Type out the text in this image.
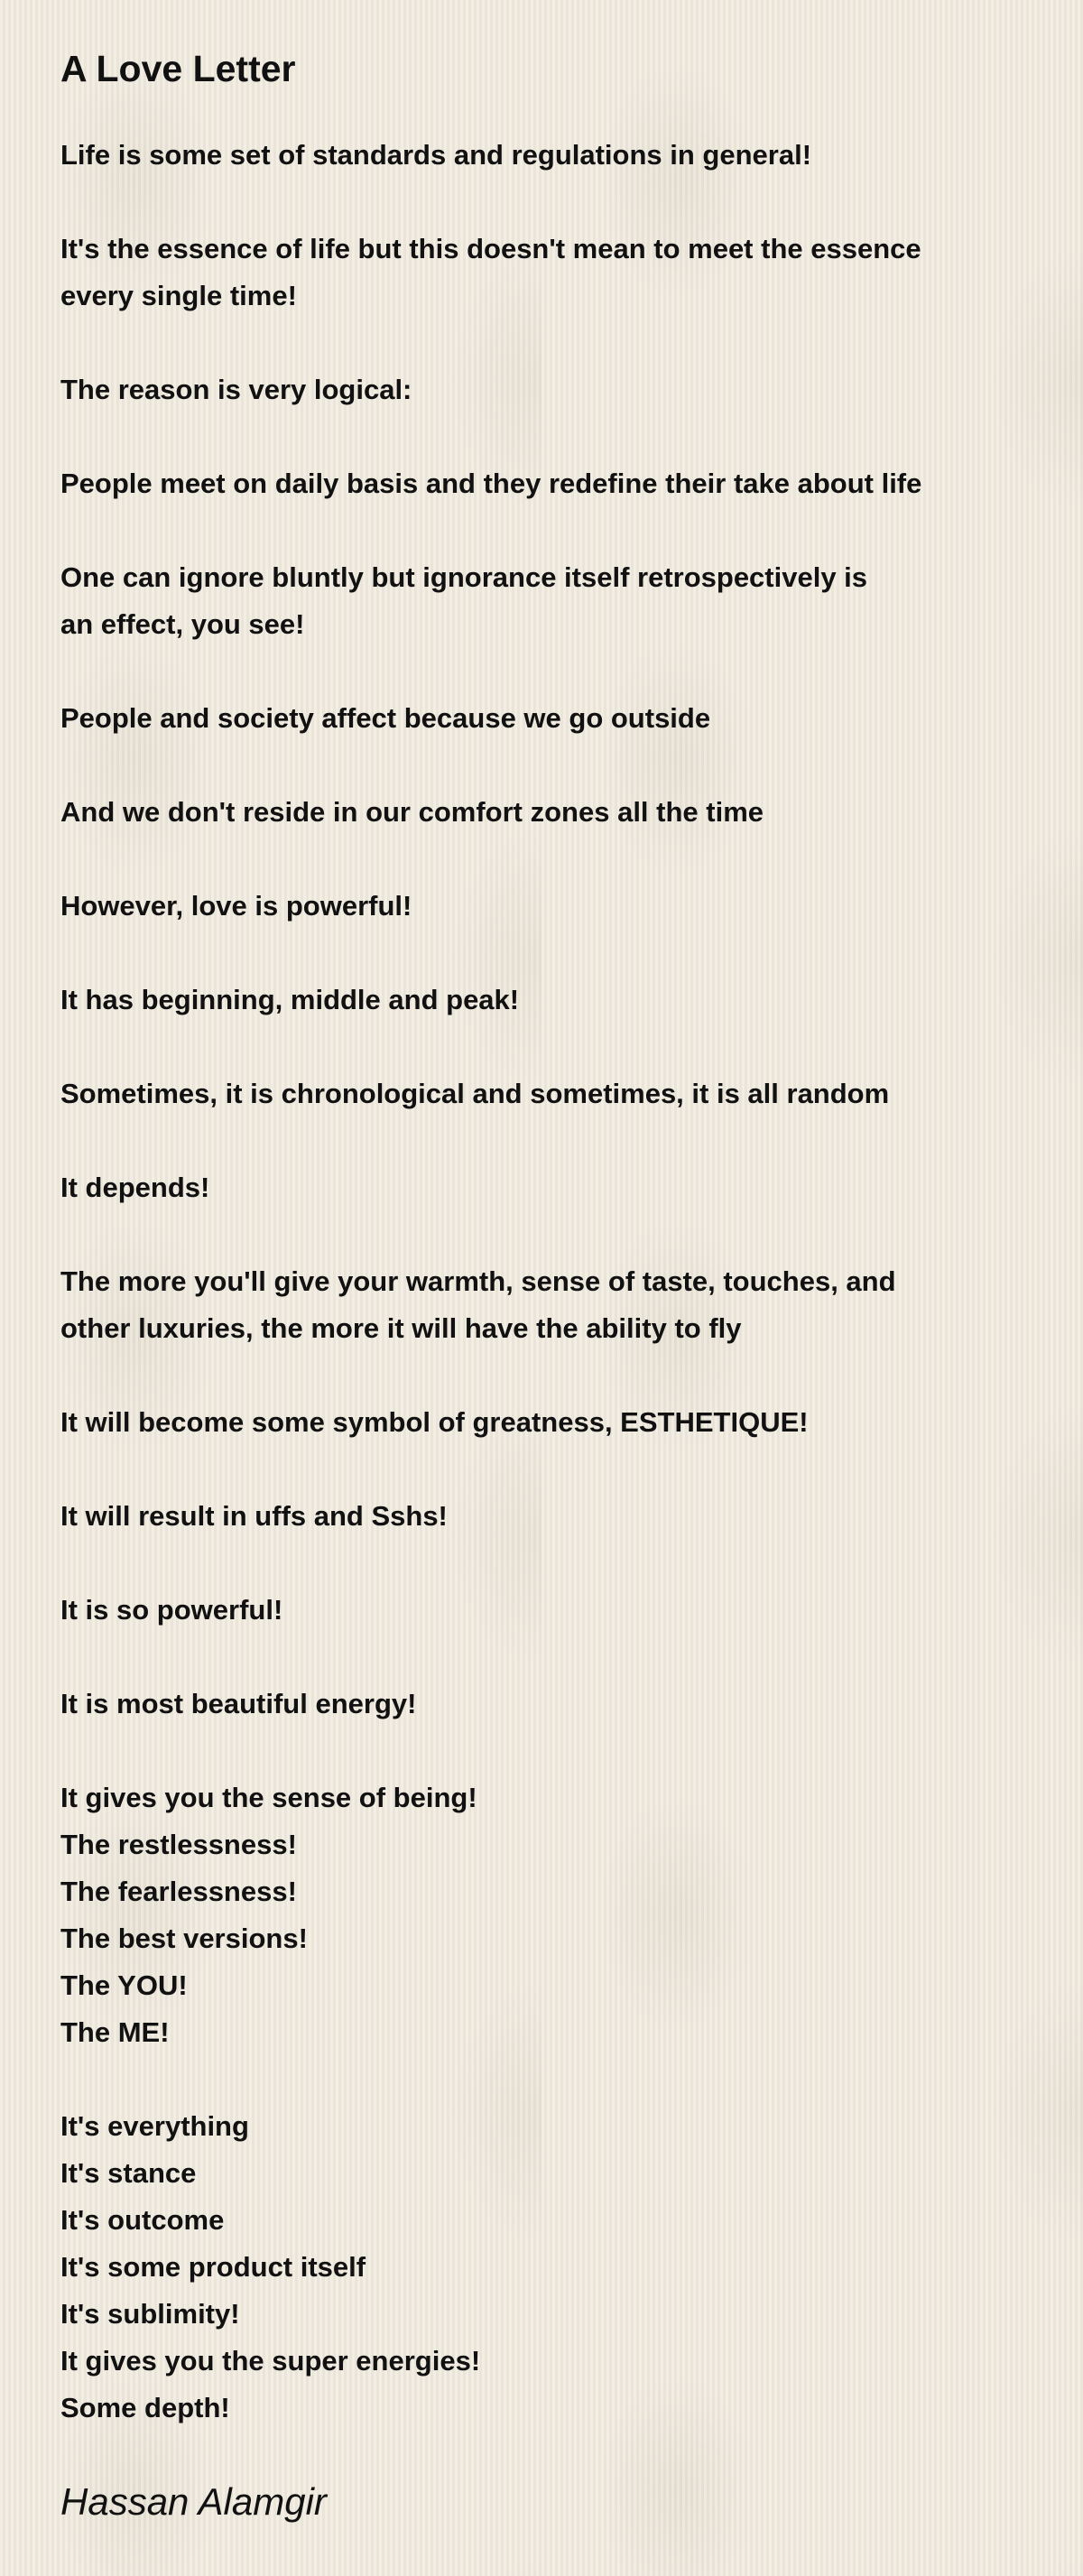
A Love Letter
Life is some set of standards and regulations in general!
It's the essence of life but this doesn't mean to meet the essence
every single time!
The reason is very logical:
People meet on daily basis and they redefine their take about life
One can ignore bluntly but ignorance itself retrospectively is
an effect, you see!
People and society affect because we go outside
And we don't reside in our comfort zones all the time
However, love is powerful!
It has beginning, middle and peak!
Sometimes, it is chronological and sometimes, it is all random
It depends!
The more you'll give your warmth, sense of taste, touches, and
other luxuries, the more it will have the ability to fly
It will become some symbol of greatness, ESTHETIQUE!
It will result in uffs and Sshs!
It is so powerful!
It is most beautiful energy!
It gives you the sense of being!
The restlessness!
The fearlessness!
The best versions!
The YOU!
The ME!
It's everything
It's stance
It's outcome
It's some product itself
It's sublimity!
It gives you the super energies!
Some depth!
Hassan Alamgir
